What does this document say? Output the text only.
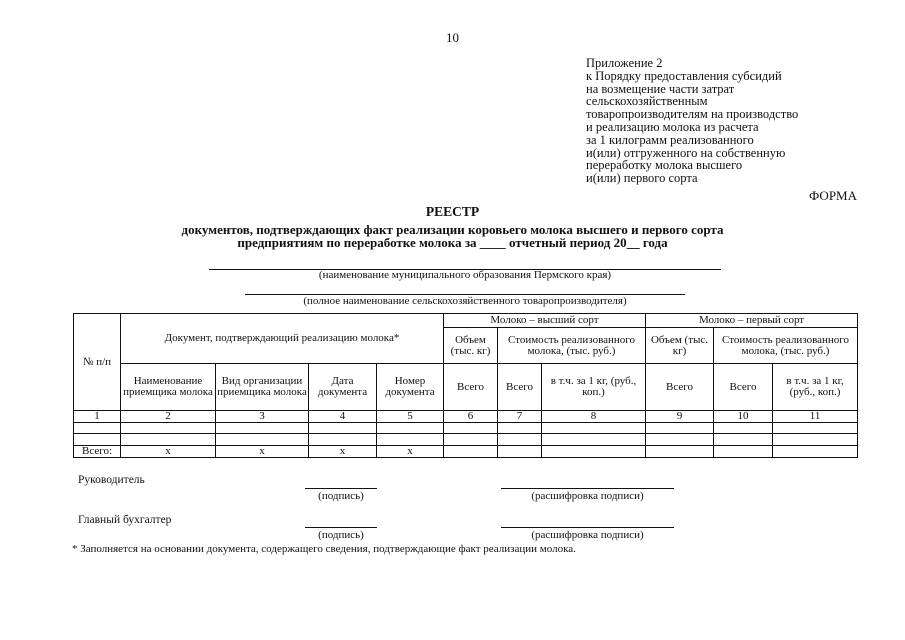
10
Приложение 2
к Порядку предоставления субсидий
на возмещение части затрат
сельскохозяйственным
товаропроизводителям на производство
и реализацию молока из расчета
за 1 килограмм реализованного
и(или) отгруженного на собственную
переработку молока высшего
и(или) первого сорта
ФОРМА
РЕЕСТР
документов, подтверждающих факт реализации коровьего молока высшего и первого сорта
предприятиям по переработке молока за ____ отчетный период 20__ года
(наименование муниципального образования Пермского края)
(полное наименование сельскохозяйственного товаропроизводителя)
№ п/п	Документ, подтверждающий реализацию молока*				Молоко – высший сорт			Молоко – первый сорт		
					Объем (тыс. кг)	Стоимость реализованного молока, (тыс. руб.)		Объем (тыс. кг)	Стоимость реализованного молока, (тыс. руб.)	
	Наименование приемщика молока	Вид организации приемщика молока	Дата документа	Номер документа	Всего	Всего	в т.ч. за 1 кг, (руб., коп.)	Всего	Всего	в т.ч. за 1 кг, (руб., коп.)
1	2	3	4	5	6	7	8	9	10	11

Всего:	x	x	x	x						
Руководитель
(подпись)	(расшифровка подписи)
Главный бухгалтер
(подпись)	(расшифровка подписи)
* Заполняется на основании документа, содержащего сведения, подтверждающие факт реализации молока.
